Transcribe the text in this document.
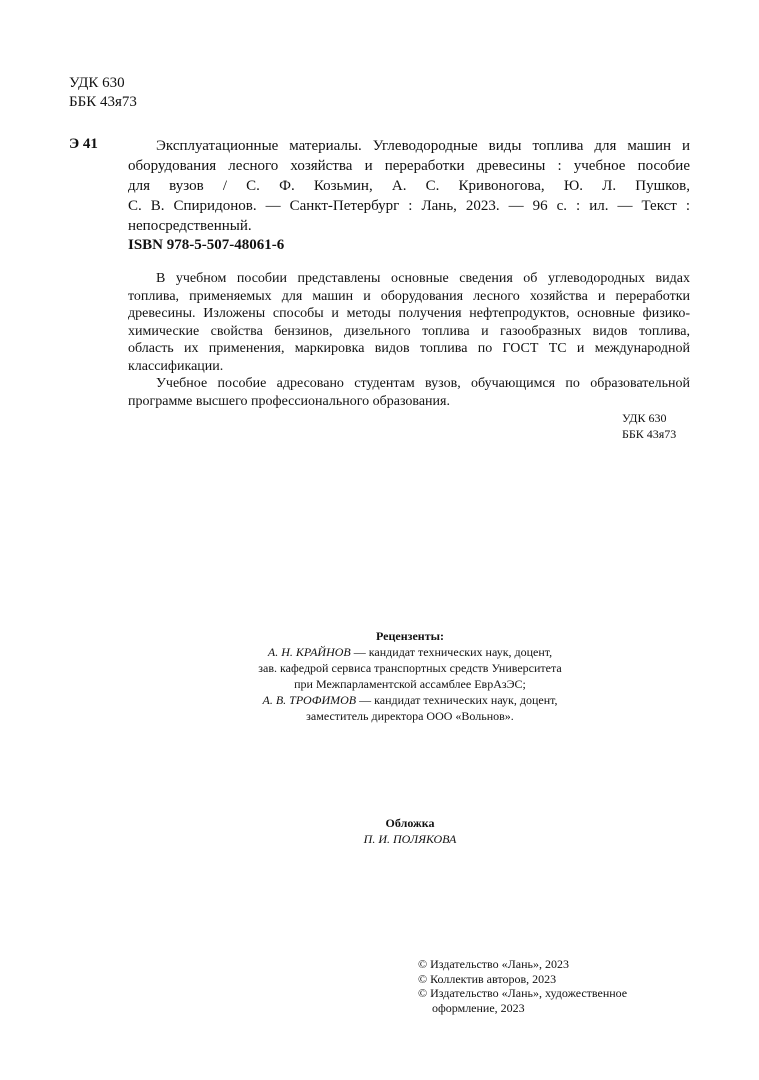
УДК 630
ББК 43я73
Э 41	Эксплуатационные материалы. Углеводородные виды топлива для машин и
оборудования лесного хозяйства и переработки древесины : учебное пособие
для вузов / С. Ф. Козьмин, А. С. Кривоногова, Ю. Л. Пушков,
С. В. Спиридонов. — Санкт-Петербург : Лань, 2023. — 96 с. : ил. — Текст :
непосредственный.
ISBN 978-5-507-48061-6
В учебном пособии представлены основные сведения об углеводородных видах
топлива, применяемых для машин и оборудования лесного хозяйства и переработки
древесины. Изложены способы и методы получения нефтепродуктов, основные физико-
химические свойства бензинов, дизельного топлива и газообразных видов топлива,
область их применения, маркировка видов топлива по ГОСТ ТС и международной
классификации.
Учебное пособие адресовано студентам вузов, обучающимся по образовательной
программе высшего профессионального образования.
УДК 630
ББК 43я73
Рецензенты:
А. Н. КРАЙНОВ — кандидат технических наук, доцент,
зав. кафедрой сервиса транспортных средств Университета
при Межпарламентской ассамблее ЕврАзЭС;
А. В. ТРОФИМОВ — кандидат технических наук, доцент,
заместитель директора ООО «Вольнов».
Обложка
П. И. ПОЛЯКОВА
© Издательство «Лань», 2023
© Коллектив авторов, 2023
© Издательство «Лань», художественное
оформление, 2023
